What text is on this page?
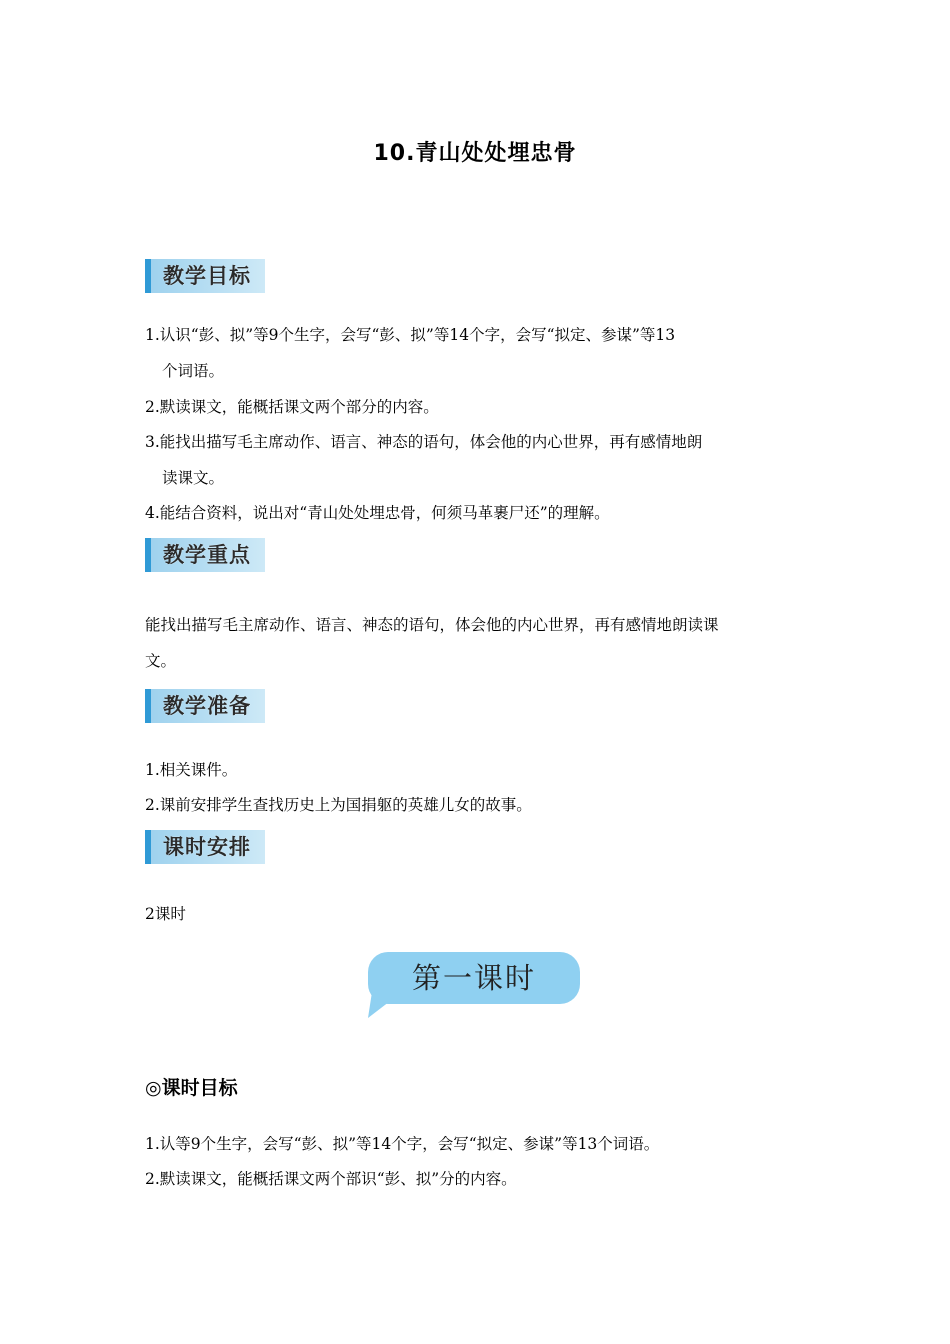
10.青山处处埋忠骨
教学目标
1.认识“彭、拟”等9个生字，会写“彭、拟”等14个字，会写“拟定、参谋”等13
个词语。
2.默读课文，能概括课文两个部分的内容。
3.能找出描写毛主席动作、语言、神态的语句，体会他的内心世界，再有感情地朗
读课文。
4.能结合资料，说出对“青山处处埋忠骨，何须马革裹尸还”的理解。
教学重点
能找出描写毛主席动作、语言、神态的语句，体会他的内心世界，再有感情地朗读课
文。
教学准备
1.相关课件。
2.课前安排学生查找历史上为国捐躯的英雄儿女的故事。
课时安排
2课时
第一课时
◎课时目标
1.认等9个生字，会写“彭、拟”等14个字，会写“拟定、参谋”等13个词语。
2.默读课文，能概括课文两个部识“彭、拟”分的内容。
